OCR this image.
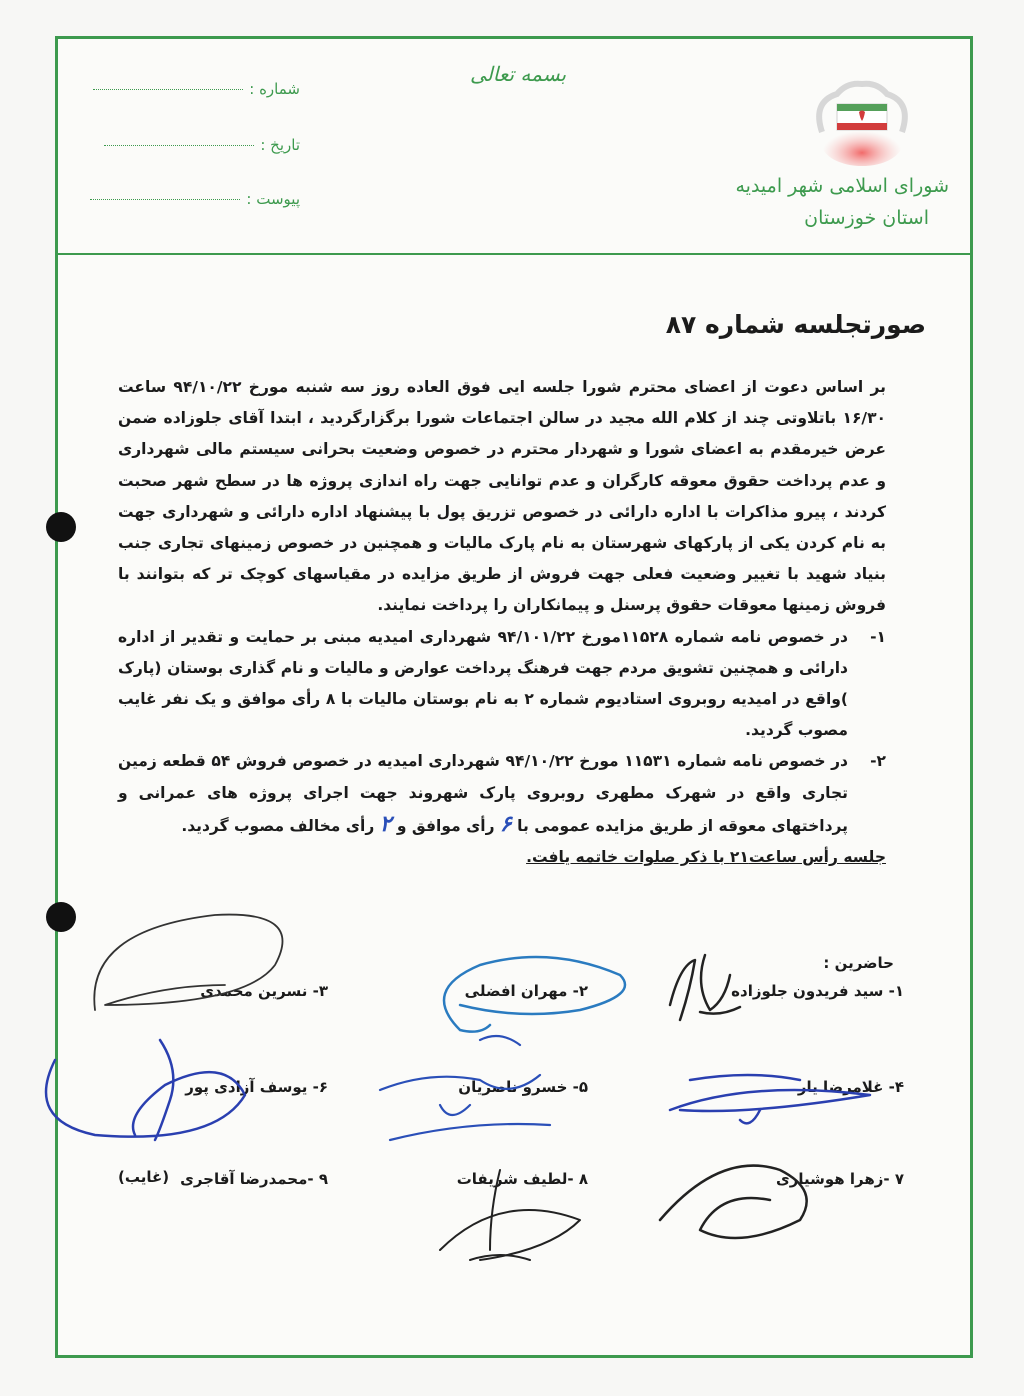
شماره :
تاریخ :
پیوست :
بسمه تعالی
شورای اسلامی شهر امیدیه
استان خوزستان
صورتجلسه شماره ۸۷

بر اساس دعوت از اعضای محترم شورا جلسه ایی فوق العاده روز سه شنبه مورخ ۹۴/۱۰/۲۲ ساعت ۱۶/۳۰ باتلاوتی چند از کلام الله مجید در سالن اجتماعات شورا برگزارگردید ، ابتدا آقای جلوزاده ضمن عرض خیرمقدم به اعضای شورا و شهردار محترم در خصوص وضعیت بحرانی سیستم مالی شهرداری و عدم پرداخت حقوق معوقه کارگران و عدم توانایی جهت راه اندازی پروژه ها در سطح شهر صحبت کردند ، پیرو مذاکرات با اداره دارائی در خصوص تزریق پول با پیشنهاد اداره دارائی و شهرداری جهت به نام کردن یکی از پارکهای شهرستان به نام پارک مالیات و همچنین در خصوص زمینهای تجاری جنب بنیاد شهید با تغییر وضعیت فعلی جهت فروش از طریق مزایده در مقیاسهای کوچک تر که بتوانند با فروش زمینها معوقات حقوق پرسنل و پیمانکاران را پرداخت نمایند.

۱-
در خصوص نامه شماره ۱۱۵۲۸مورخ ۹۴/۱۰۱/۲۲ شهرداری امیدیه مبنی بر حمایت و تقدیر از اداره دارائی و همچنین تشویق مردم جهت فرهنگ پرداخت عوارض و مالیات و نام گذاری بوستان (پارک )واقع در امیدیه روبروی استادیوم شماره ۲ به نام بوستان مالیات با ۸ رأی موافق و یک نفر غایب مصوب گردید.
۲-
در خصوص نامه شماره ۱۱۵۳۱ مورخ ۹۴/۱۰/۲۲ شهرداری امیدیه در خصوص فروش ۵۴ قطعه زمین تجاری واقع در شهرک مطهری روبروی پارک شهروند جهت اجرای پروژه های عمرانی و پرداختهای معوقه از طریق مزایده عمومی با ۶ رأی موافق و ۲ رأی مخالف مصوب گردید.

جلسه رأس ساعت۲۱ با ذکر صلوات خاتمه یافت.

حاضرین :
۱- سید فریدون جلوزاده
۲- مهران افضلی
۳- نسرین محمدی
۴- غلامرضا یار
۵- خسرو ناصریان
۶- یوسف آزادی پور
۷ -زهرا هوشیاری
۸ -لطیف شریفات
۹ -محمدرضا آقاجری
(غایب)
